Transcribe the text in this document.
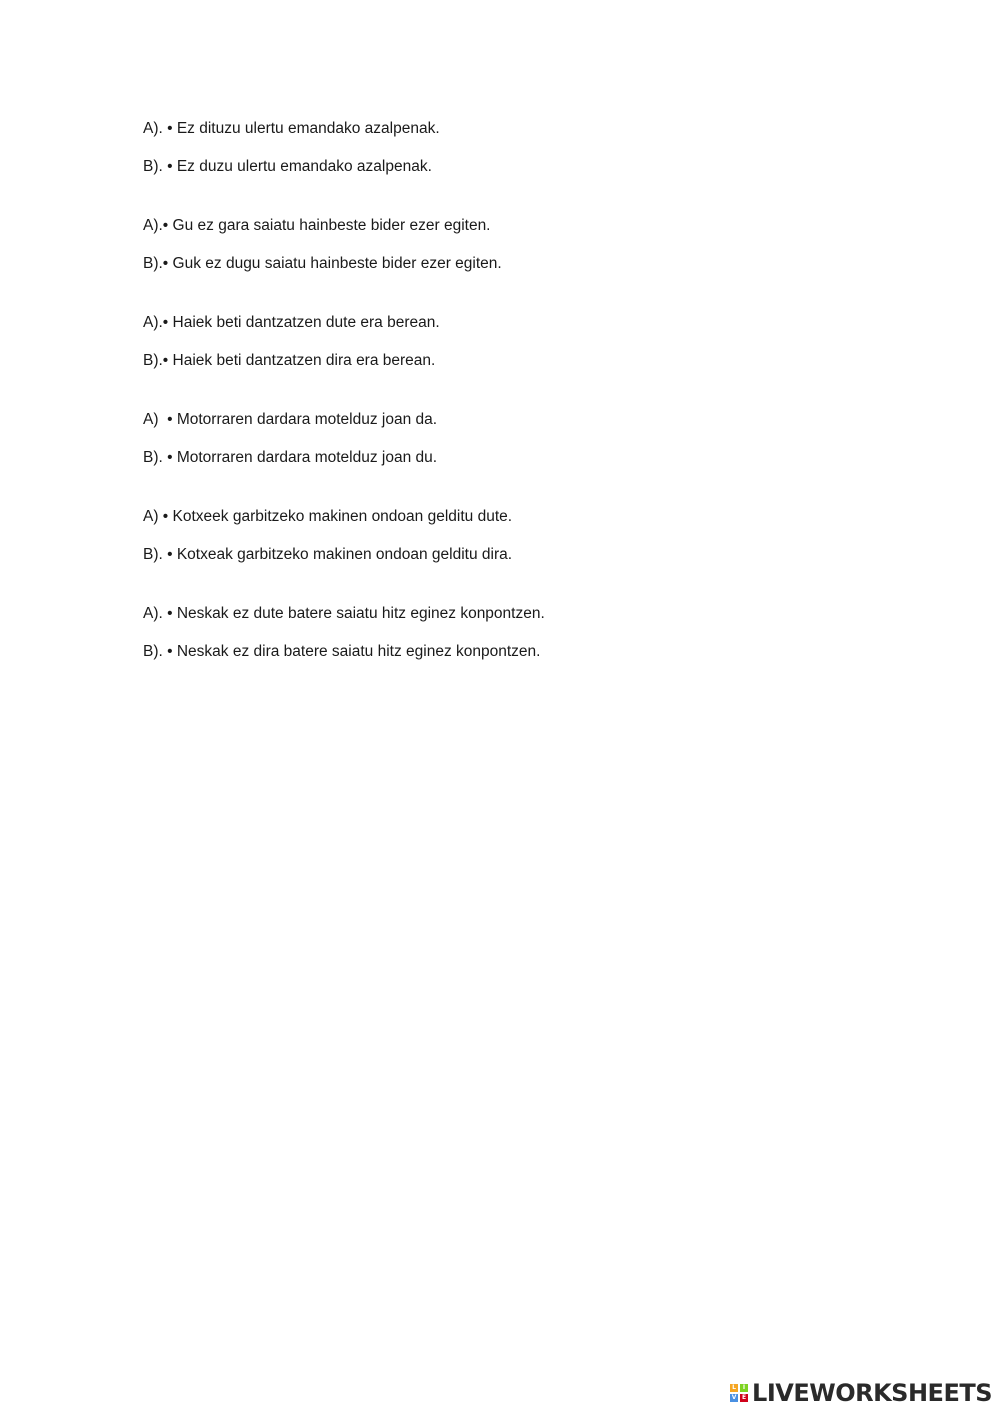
A). • Ez dituzu ulertu emandako azalpenak.
B). • Ez duzu ulertu emandako azalpenak.
A).• Gu ez gara saiatu hainbeste bider ezer egiten.
B).• Guk ez dugu saiatu hainbeste bider ezer egiten.
A).• Haiek beti dantzatzen dute era berean.
B).• Haiek beti dantzatzen dira era berean.
A)  • Motorraren dardara motelduz joan da.
B). • Motorraren dardara motelduz joan du.
A) • Kotxeek garbitzeko makinen ondoan gelditu dute.
B). • Kotxeak garbitzeko makinen ondoan gelditu dira.
A). • Neskak ez dute batere saiatu hitz eginez konpontzen.
B). • Neskak ez dira batere saiatu hitz eginez konpontzen.
L	I
V E LIVEWORKSHEETS
